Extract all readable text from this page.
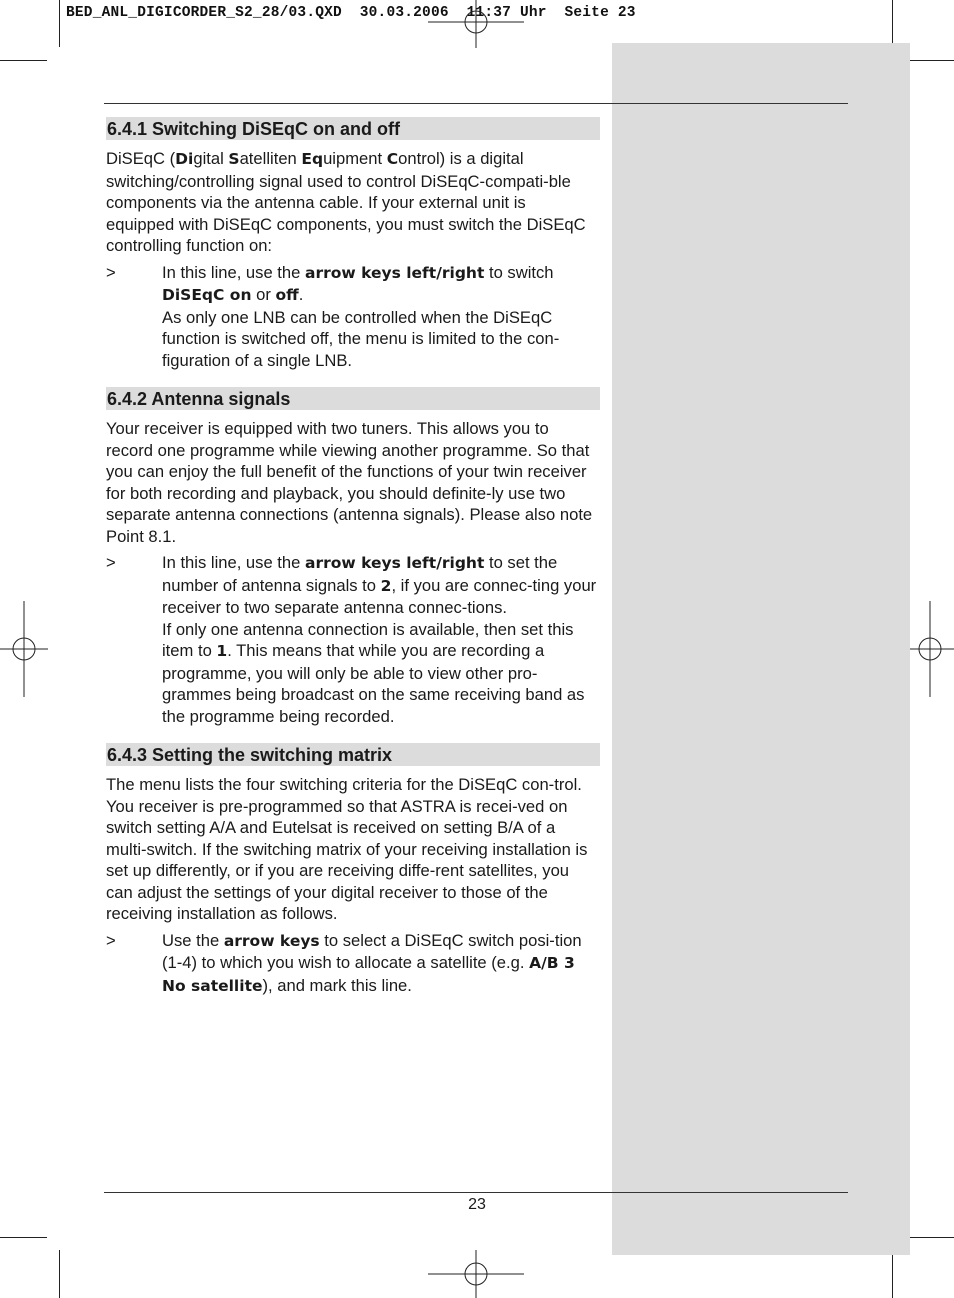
BED_ANL_DIGICORDER_S2_28/03.QXD  30.03.2006  11:37 Uhr  Seite 23
6.4.1 Switching DiSEqC on and off

DiSEqC (Digital Satelliten Equipment Control) is a digital switching/controlling signal used to control DiSEqC-compati-ble components via the antenna cable. If your external unit is equipped with DiSEqC components, you must switch the DiSEqC controlling function on:

>	In this line, use the arrow keys left/right to switch DiSEqC on or off.
As only one LNB can be controlled when the DiSEqC function is switched off, the menu is limited to the con-figuration of a single LNB.
6.4.2 Antenna signals

Your receiver is equipped with two tuners. This allows you to record one programme while viewing another programme. So that you can enjoy the full benefit of the functions of your twin receiver for both recording and playback, you should definite-ly use two separate antenna connections (antenna signals). Please also note Point 8.1.

>	In this line, use the arrow keys left/right to set the number of antenna signals to 2, if you are connec-ting your receiver to two separate antenna connec-tions.
If only one antenna connection is available, then set this item to 1. This means that while you are recording a programme, you will only be able to view other pro-grammes being broadcast on the same receiving band as the programme being recorded.
6.4.3 Setting the switching matrix

The menu lists the four switching criteria for the DiSEqC con-trol. You receiver is pre-programmed so that ASTRA is recei-ved on switch setting A/A and Eutelsat is received on setting B/A of a multi-switch. If the switching matrix of your receiving installation is set up differently, or if you are receiving diffe-rent satellites, you can adjust the settings of your digital receiver to those of the receiving installation as follows.

>	Use the arrow keys to select a DiSEqC switch posi-tion (1-4) to which you wish to allocate a satellite (e.g. A/B 3 No satellite), and mark this line.
23
